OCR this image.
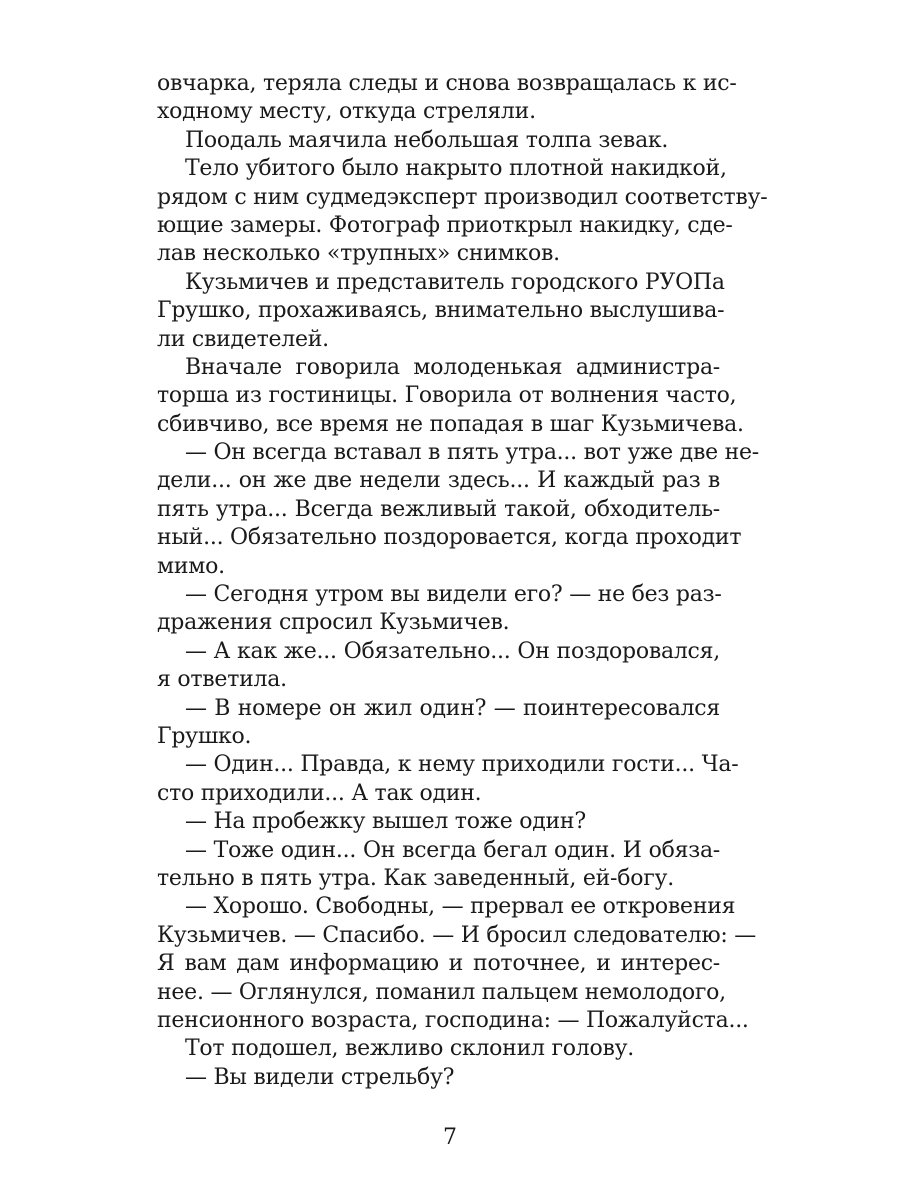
овчарка, теряла следы и снова возвращалась к ис-
ходному месту, откуда стреляли.
Поодаль маячила небольшая толпа зевак.
Тело убитого было накрыто плотной накидкой,
рядом с ним судмедэксперт производил соответству-
ющие замеры. Фотограф приоткрыл накидку, сде-
лав несколько «трупных» снимков.
Кузьмичев и представитель городского РУОПа
Грушко, прохаживаясь, внимательно выслушива-
ли свидетелей.
Вначале говорила молоденькая администра-
торша из гостиницы. Говорила от волнения часто,
сбивчиво, все время не попадая в шаг Кузьмичева.
— Он всегда вставал в пять утра... вот уже две не-
дели... он же две недели здесь... И каждый раз в
пять утра... Всегда вежливый такой, обходитель-
ный... Обязательно поздоровается, когда проходит
мимо.
— Сегодня утром вы видели его? — не без раз-
дражения спросил Кузьмичев.
— А как же... Обязательно... Он поздоровался,
я ответила.
— В номере он жил один? — поинтересовался
Грушко.
— Один... Правда, к нему приходили гости... Ча-
сто приходили... А так один.
— На пробежку вышел тоже один?
— Тоже один... Он всегда бегал один. И обяза-
тельно в пять утра. Как заведенный, ей-богу.
— Хорошо. Свободны, — прервал ее откровения
Кузьмичев. — Спасибо. — И бросил следователю: —
Я вам дам информацию и поточнее, и интерес-
нее. — Оглянулся, поманил пальцем немолодого,
пенсионного возраста, господина: — Пожалуйста...
Тот подошел, вежливо склонил голову.
— Вы видели стрельбу?
7
